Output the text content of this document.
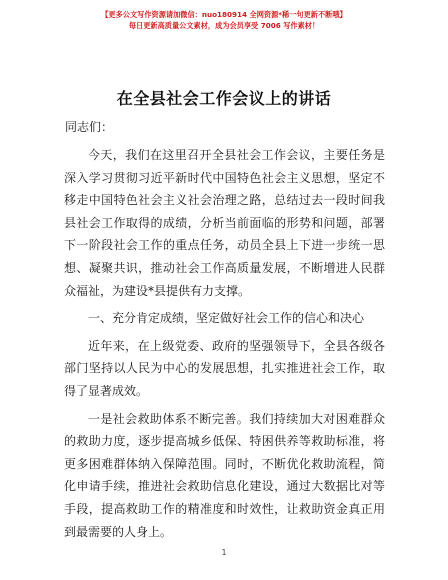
【更多公文写作资源请加微信：nuo180914 全网资源*稀一句更新不断哦】
每日更新高质量公文素材，成为会员享受 7006 写作素材！
在全县社会工作会议上的讲话
同志们：

今天，我们在这里召开全县社会工作会议，主要任务是深入学习贯彻习近平新时代中国特色社会主义思想，坚定不移走中国特色社会主义社会治理之路，总结过去一段时间我县社会工作取得的成绩，分析当前面临的形势和问题，部署下一阶段社会工作的重点任务，动员全县上下进一步统一思想、凝聚共识，推动社会工作高质量发展，不断增进人民群众福祉，为建设*县提供有力支撑。

一、充分肯定成绩，坚定做好社会工作的信心和决心

近年来，在上级党委、政府的坚强领导下，全县各级各部门坚持以人民为中心的发展思想，扎实推进社会工作，取得了显著成效。

一是社会救助体系不断完善。我们持续加大对困难群众的救助力度，逐步提高城乡低保、特困供养等救助标准，将更多困难群体纳入保障范围。同时，不断优化救助流程，简化申请手续，推进社会救助信息化建设，通过大数据比对等手段，提高救助工作的精准度和时效性，让救助资金真正用到最需要的人身上。

1
